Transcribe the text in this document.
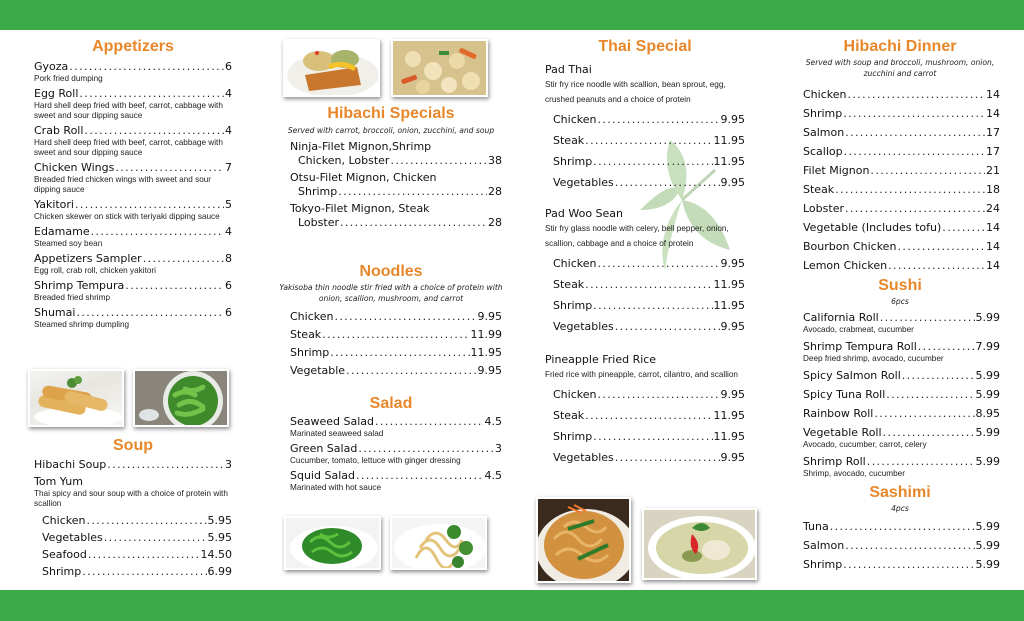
Appetizers
Gyoza .....	6
Pork fried dumping
Egg Roll .....	4
Hard shell deep fried with beef, carrot, cabbage with sweet and sour dipping sauce
Crab Roll .....	4
Hard shell deep fried with beef, carrot, cabbage with sweet and sour dipping sauce
Chicken Wings .....	7
Breaded fried chicken wings with sweet and sour dipping sauce
Yakitori .....	5
Chicken skewer on stick with teriyaki dipping sauce
Edamame .....	4
Steamed soy bean
Appetizers Sampler .....	8
Egg roll, crab roll, chicken yakitori
Shrimp Tempura .....	6
Breaded fried shrimp
Shumai .....	6
Steamed shrimp dumpling
Soup
Hibachi Soup .....	3
Tom Yum
Thai spicy and sour soup with a choice of protein with scallion
Chicken .....	5.95
Vegetables .....	5.95
Seafood .....	14.50
Shrimp .....	6.99
Hibachi Specials
Served with carrot, broccoli, onion, zucchini, and soup
Ninja-Filet Mignon,Shrimp
Chicken, Lobster .....	38
Otsu-Filet Mignon, Chicken
Shrimp .....	28
Tokyo-Filet Mignon, Steak
Lobster .....	28
Noodles
Yakisoba thin noodle stir fried with a choice of protein with onion, scallion, mushroom, and carrot
Chicken .....	9.95
Steak .....	11.99
Shrimp .....	11.95
Vegetable .....	9.95
Salad
Seaweed Salad .....	4.5
Marinated seaweed salad
Green Salad .....	3
Cucumber, tomato, lettuce with ginger dressing
Squid Salad .....	4.5
Marinated with hot sauce
Thai Special
Pad Thai
Stir fry rice noodle with scallion, bean sprout, egg, crushed peanuts and a choice of protein
Chicken .....	9.95
Steak .....	11.95
Shrimp .....	11.95
Vegetables .....	9.95
Pad Woo Sean
Stir fry glass noodle with celery, bell pepper, onion, scallion, cabbage and a choice of protein
Chicken .....	9.95
Steak .....	11.95
Shrimp .....	11.95
Vegetables .....	9.95
Pineapple Fried Rice
Fried rice with pineapple, carrot, cilantro, and scallion
Chicken .....	9.95
Steak .....	11.95
Shrimp .....	11.95
Vegetables .....	9.95
Hibachi Dinner
Served with soup and broccoli, mushroom, onion, zucchini and carrot
Chicken .....	14
Shrimp .....	14
Salmon .....	17
Scallop .....	17
Filet Mignon .....	21
Steak .....	18
Lobster .....	24
Vegetable (Includes tofu) .....	14
Bourbon Chicken .....	14
Lemon Chicken .....	14
Sushi
6pcs
California Roll .....	5.99
Avocado, crabmeat, cucumber
Shrimp Tempura Roll .....	7.99
Deep fried shrimp, avocado, cucumber
Spicy Salmon Roll .....	5.99
Spicy Tuna Roll .....	5.99
Rainbow Roll .....	8.95
Vegetable Roll .....	5.99
Avocado, cucumber, carrot, celery
Shrimp Roll .....	5.99
Shrimp, avocado, cucumber
Sashimi
4pcs
Tuna .....	5.99
Salmon .....	5.99
Shrimp .....	5.99
